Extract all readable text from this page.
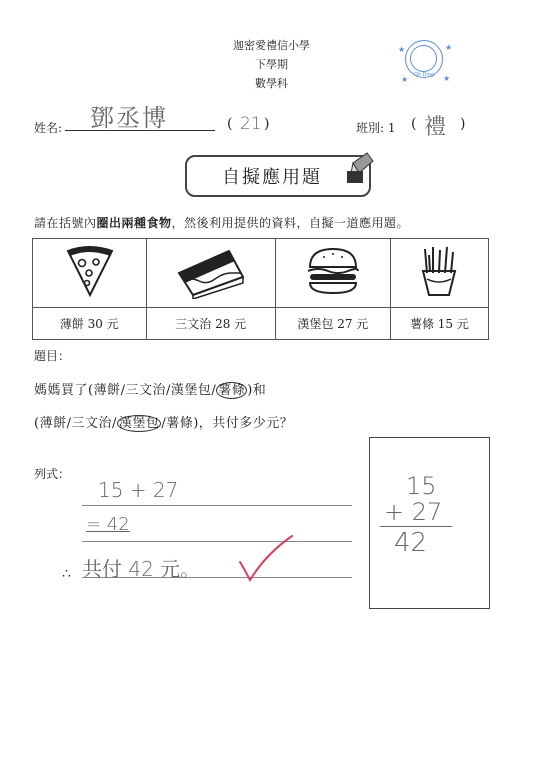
迦密愛禮信小學
下學期
數學科
Oh Ding
★	★
★	★
姓名: 鄧丞博	( 21 )	班別: 1 ( 禮 )
自擬應用題
請在括號內圈出兩種食物，然後利用提供的資料，自擬一道應用題。

薄餅 30 元	三文治 28 元	漢堡包 27 元	薯條 15 元
題目：
媽媽買了(薄餅/三文治/漢堡包/ 薯條 )和
(薄餅/三文治/ 漢堡包 /薯條)，共付多少元？
列式：
15 + 27
= 42
∴ 共付 42 元。
15
+ 27
42
